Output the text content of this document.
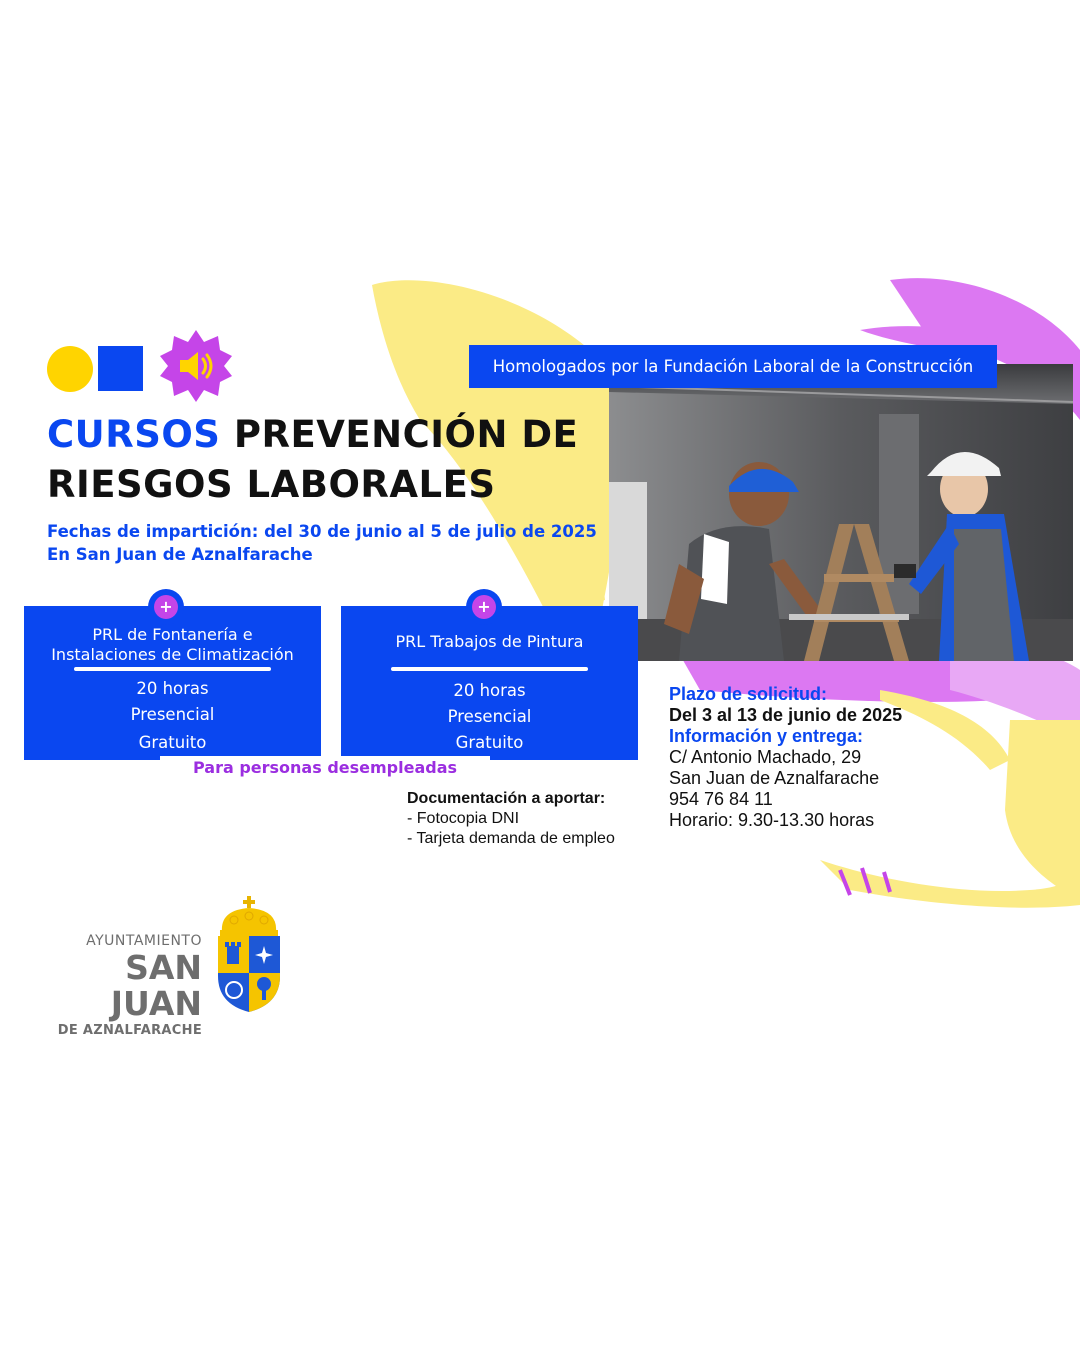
CURSOS PREVENCIÓN DE
RIESGOS LABORALES
Fechas de impartición: del 30 de junio al 5 de julio de 2025
En San Juan de Aznalfarache
Homologados por la Fundación Laboral de la Construcción
PRL de Fontanería e
Instalaciones de Climatización
20 horas
Presencial
Gratuito
PRL Trabajos de Pintura
20 horas
Presencial
Gratuito
+	+
Para personas desempleadas
Documentación a aportar:
- Fotocopia DNI
- Tarjeta demanda de empleo
Plazo de solicitud:
Del 3 al 13 de junio de 2025
Información y entrega:
C/ Antonio Machado, 29
San Juan de Aznalfarache
954 76 84 11
Horario: 9.30-13.30 horas
AYUNTAMIENTO
SAN JUAN
DE AZNALFARACHE
